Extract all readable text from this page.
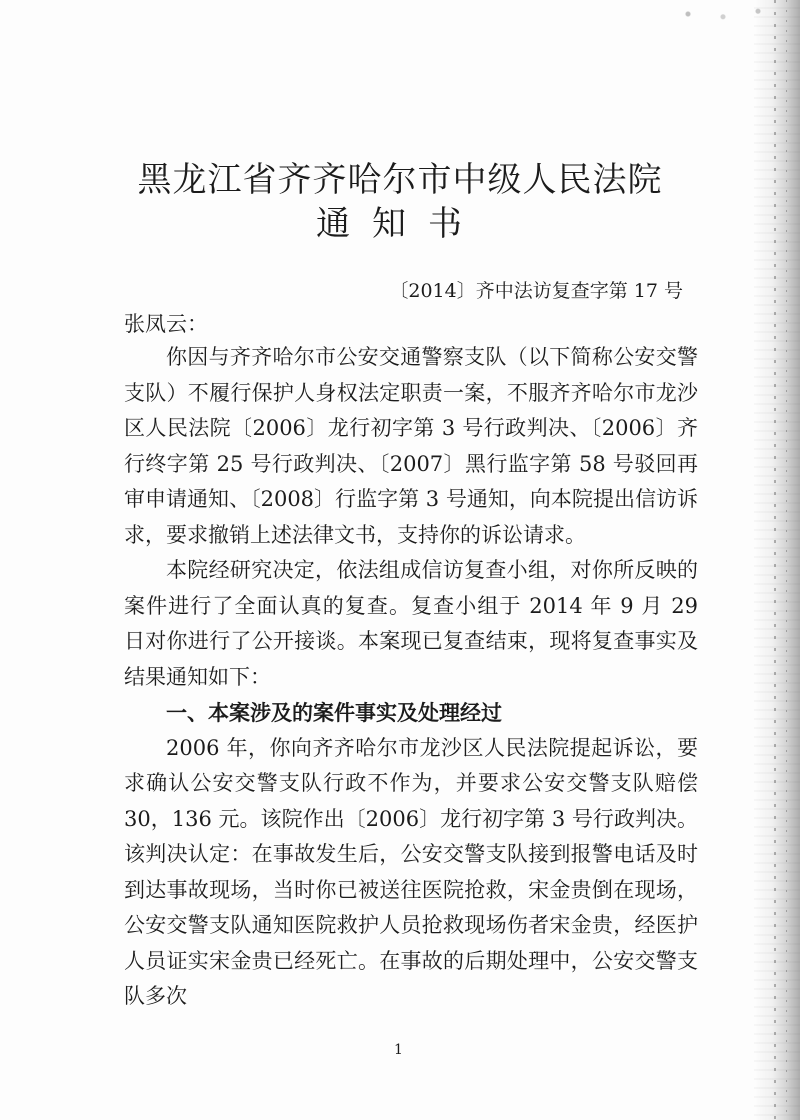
黑龙江省齐齐哈尔市中级人民法院
通知书
〔2014〕齐中法访复查字第 17 号
张凤云：

你因与齐齐哈尔市公安交通警察支队（以下简称公安交警支队）不履行保护人身权法定职责一案，不服齐齐哈尔市龙沙区人民法院〔2006〕龙行初字第 3 号行政判决、〔2006〕齐行终字第 25 号行政判决、〔2007〕黑行监字第 58 号驳回再审申请通知、〔2008〕行监字第 3 号通知，向本院提出信访诉求，要求撤销上述法律文书，支持你的诉讼请求。

本院经研究决定，依法组成信访复查小组，对你所反映的案件进行了全面认真的复查。复查小组于 2014 年 9 月 29 日对你进行了公开接谈。本案现已复查结束，现将复查事实及结果通知如下：

一、本案涉及的案件事实及处理经过

2006 年，你向齐齐哈尔市龙沙区人民法院提起诉讼，要求确认公安交警支队行政不作为，并要求公安交警支队赔偿 30，136 元。该院作出〔2006〕龙行初字第 3 号行政判决。该判决认定：在事故发生后，公安交警支队接到报警电话及时到达事故现场，当时你已被送往医院抢救，宋金贵倒在现场，公安交警支队通知医院救护人员抢救现场伤者宋金贵，经医护人员证实宋金贵已经死亡。在事故的后期处理中，公安交警支队多次

1
